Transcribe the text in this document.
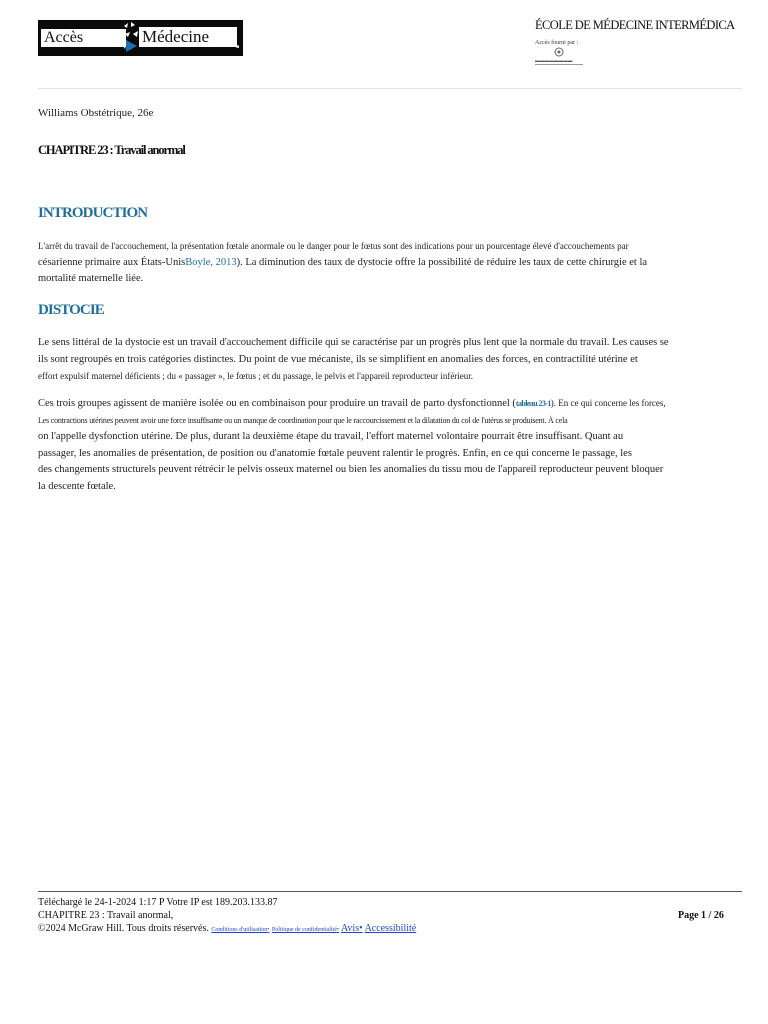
Accès	Médecine
■
ÉCOLE DE MÉDECINE INTERMÉDICA
Accès fourni par :
▬▬▬▬▬▬▬▬
Williams Obstétrique, 26e
CHAPITRE 23 : Travail anormal
INTRODUCTION
L'arrêt du travail de l'accouchement, la présentation fœtale anormale ou le danger pour le fœtus sont des indications pour un pourcentage élevé d'accouchements par
césarienne primaire aux États-UnisBoyle, 2013). La diminution des taux de dystocie offre la possibilité de réduire les taux de cette chirurgie et la
mortalité maternelle liée.
DISTOCIE
Le sens littéral de la dystocie est un travail d'accouchement difficile qui se caractérise par un progrès plus lent que la normale du travail. Les causes se
ils sont regroupés en trois catégories distinctes. Du point de vue mécaniste, ils se simplifient en anomalies des forces, en contractilité utérine et
effort expulsif maternel déficients ; du « passager », le fœtus ; et du passage, le pelvis et l'appareil reproducteur inférieur.
Ces trois groupes agissent de manière isolée ou en combinaison pour produire un travail de parto dysfonctionnel (tableau 23-1). En ce qui concerne les forces,
Les contractions utérines peuvent avoir une force insuffisante ou un manque de coordination pour que le raccourcissement et la dilatation du col de l'utérus se produisent. À cela
on l'appelle dysfonction utérine. De plus, durant la deuxième étape du travail, l'effort maternel volontaire pourrait être insuffisant. Quant au
passager, les anomalies de présentation, de position ou d'anatomie fœtale peuvent ralentir le progrès. Enfin, en ce qui concerne le passage, les
des changements structurels peuvent rétrécir le pelvis osseux maternel ou bien les anomalies du tissu mou de l'appareil reproducteur peuvent bloquer
la descente fœtale.
Téléchargé le 24-1-2024 1:17 P Votre IP est 189.203.133.87
CHAPITRE 23 : Travail anormal,	Page 1 / 26
©2024 McGraw Hill. Tous droits réservés. Conditions d'utilisation• Politique de confidentialité• Avis• Accessibilité
